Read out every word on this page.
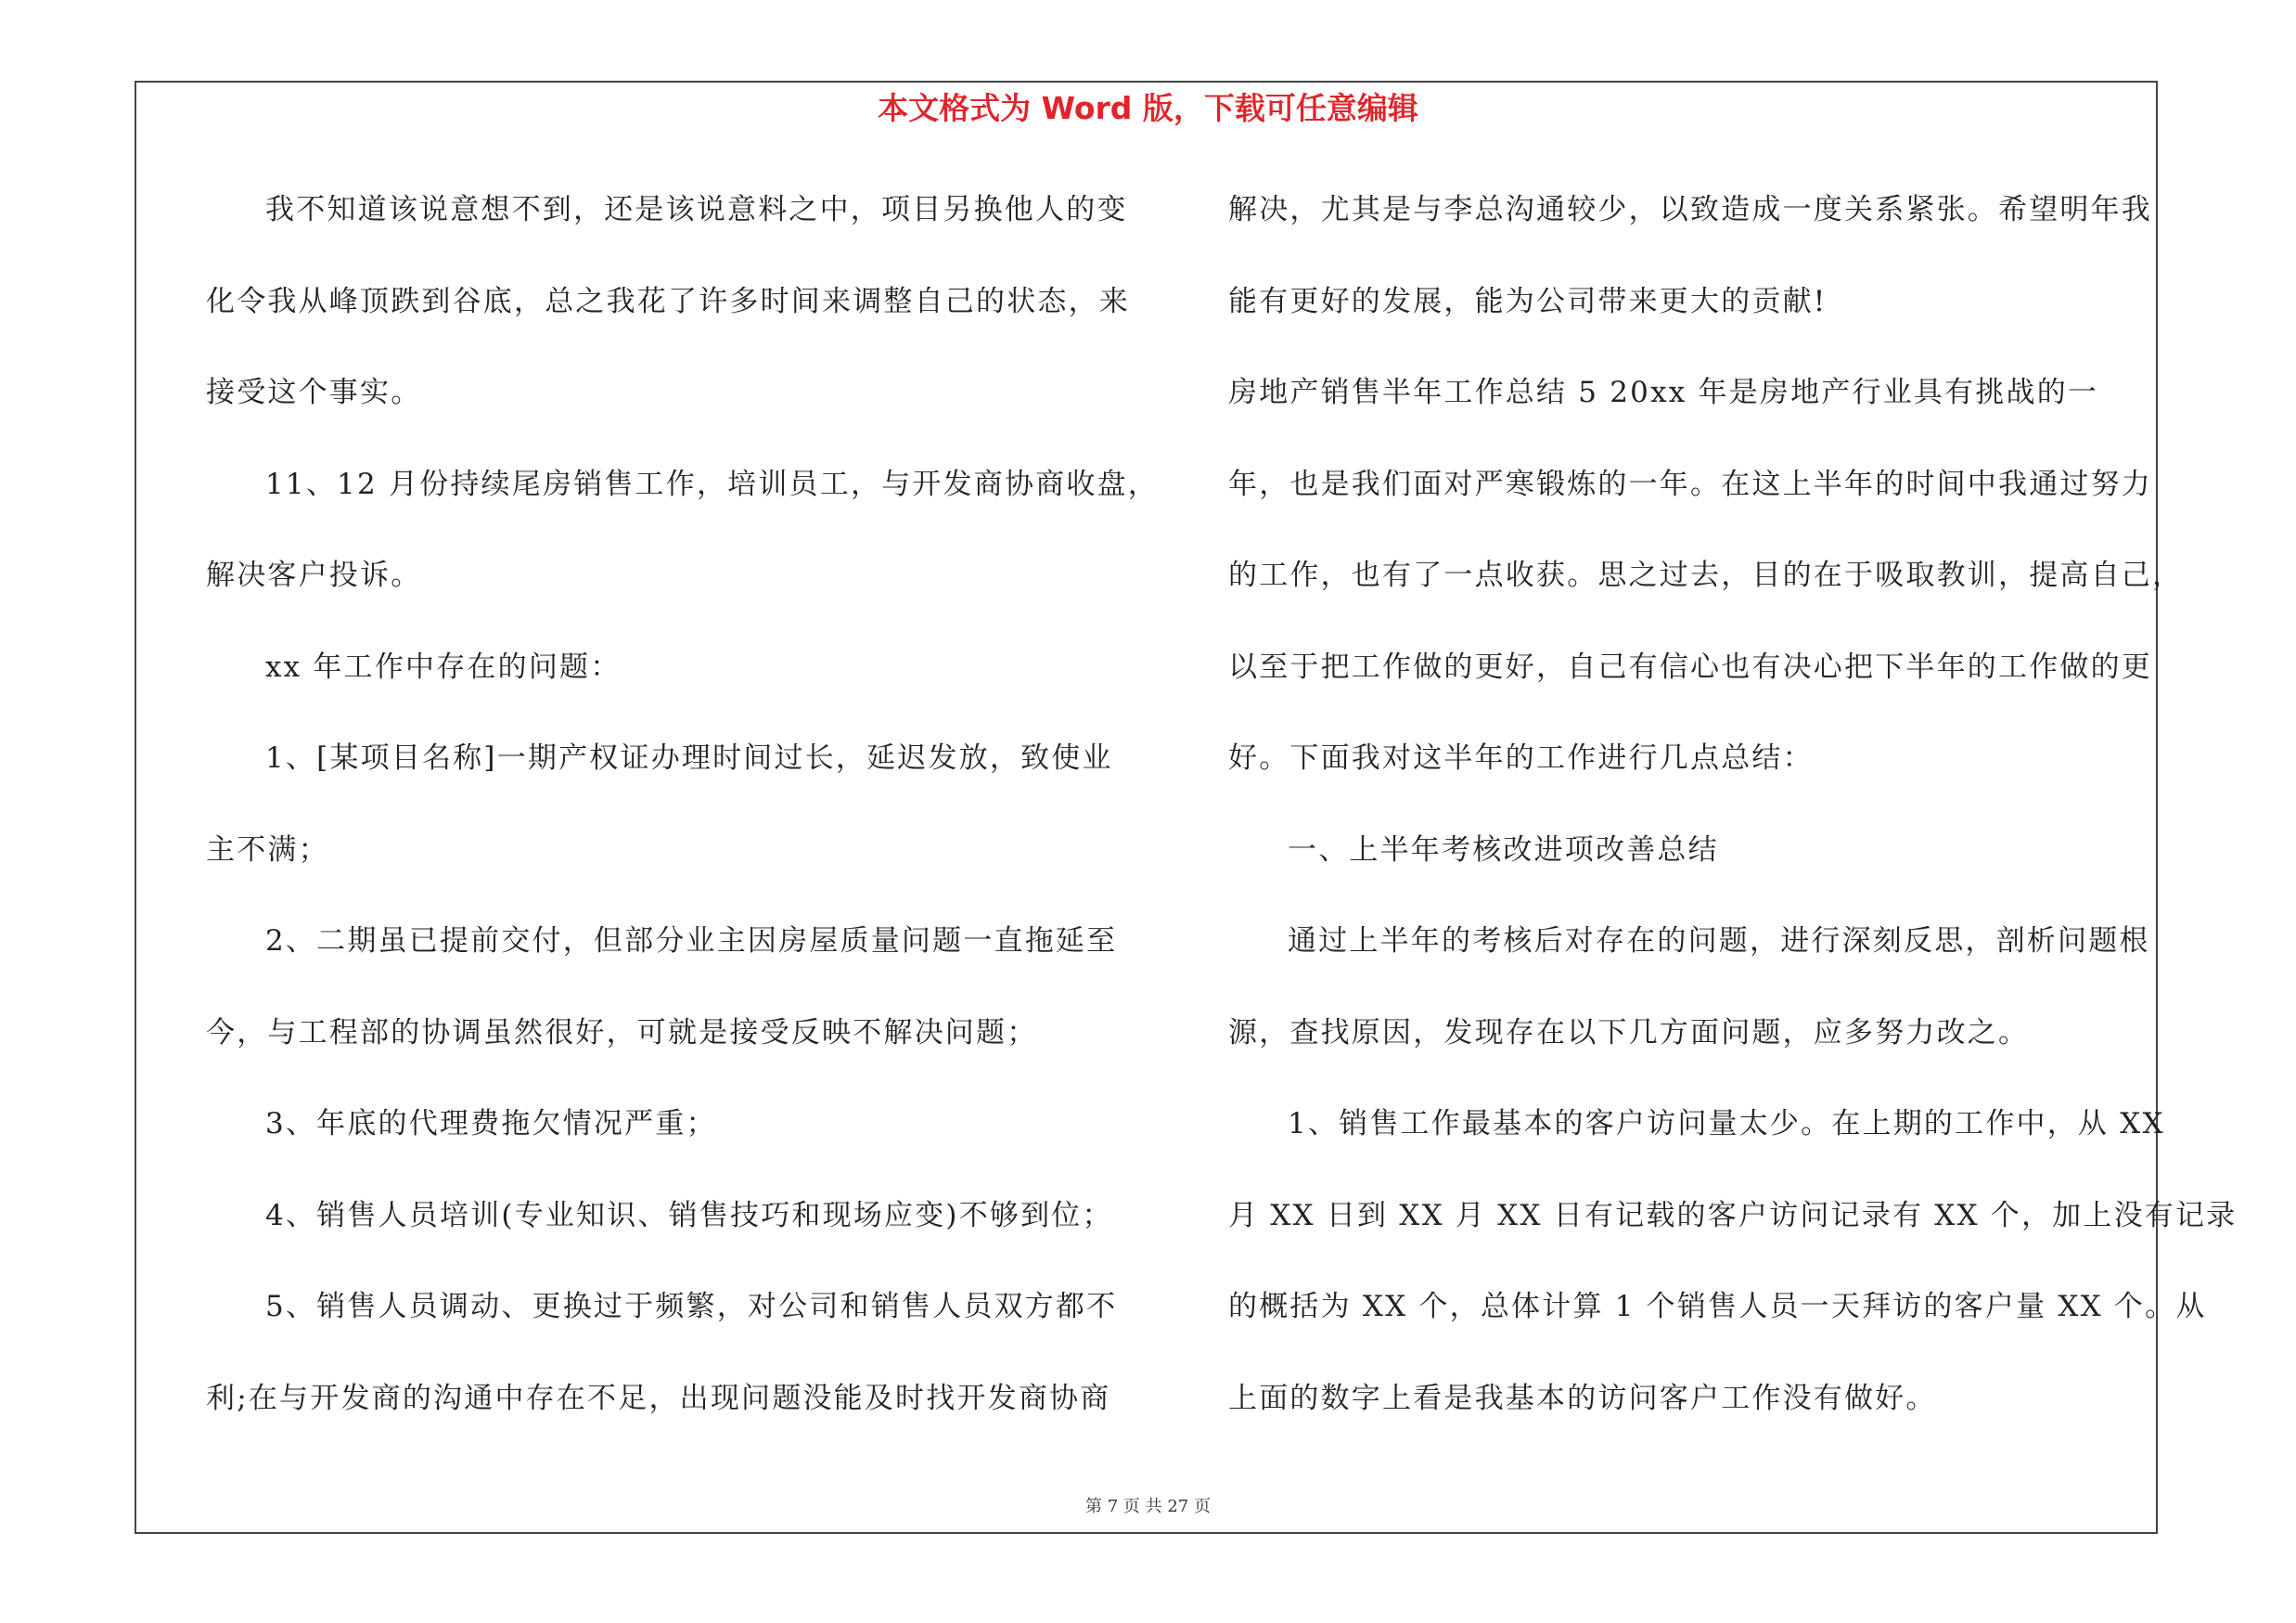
本文格式为 Word 版，下载可任意编辑
我不知道该说意想不到，还是该说意料之中，项目另换他人的变
化令我从峰顶跌到谷底，总之我花了许多时间来调整自己的状态，来
接受这个事实。
11、12 月份持续尾房销售工作，培训员工，与开发商协商收盘，
解决客户投诉。
xx 年工作中存在的问题：
1、[某项目名称]一期产权证办理时间过长，延迟发放，致使业
主不满；
2、二期虽已提前交付，但部分业主因房屋质量问题一直拖延至
今，与工程部的协调虽然很好，可就是接受反映不解决问题；
3、年底的代理费拖欠情况严重；
4、销售人员培训(专业知识、销售技巧和现场应变)不够到位；
5、销售人员调动、更换过于频繁，对公司和销售人员双方都不
利;在与开发商的沟通中存在不足，出现问题没能及时找开发商协商
解决，尤其是与李总沟通较少，以致造成一度关系紧张。希望明年我
能有更好的发展，能为公司带来更大的贡献!
房地产销售半年工作总结 5 20xx 年是房地产行业具有挑战的一
年，也是我们面对严寒锻炼的一年。在这上半年的时间中我通过努力
的工作，也有了一点收获。思之过去，目的在于吸取教训，提高自己，
以至于把工作做的更好，自己有信心也有决心把下半年的工作做的更
好。下面我对这半年的工作进行几点总结：
一、上半年考核改进项改善总结
通过上半年的考核后对存在的问题，进行深刻反思，剖析问题根
源，查找原因，发现存在以下几方面问题，应多努力改之。
1、销售工作最基本的客户访问量太少。在上期的工作中，从 XX
月 XX 日到 XX 月 XX 日有记载的客户访问记录有 XX 个，加上没有记录
的概括为 XX 个，总体计算 1 个销售人员一天拜访的客户量 XX 个。从
上面的数字上看是我基本的访问客户工作没有做好。
第 7 页 共 27 页
